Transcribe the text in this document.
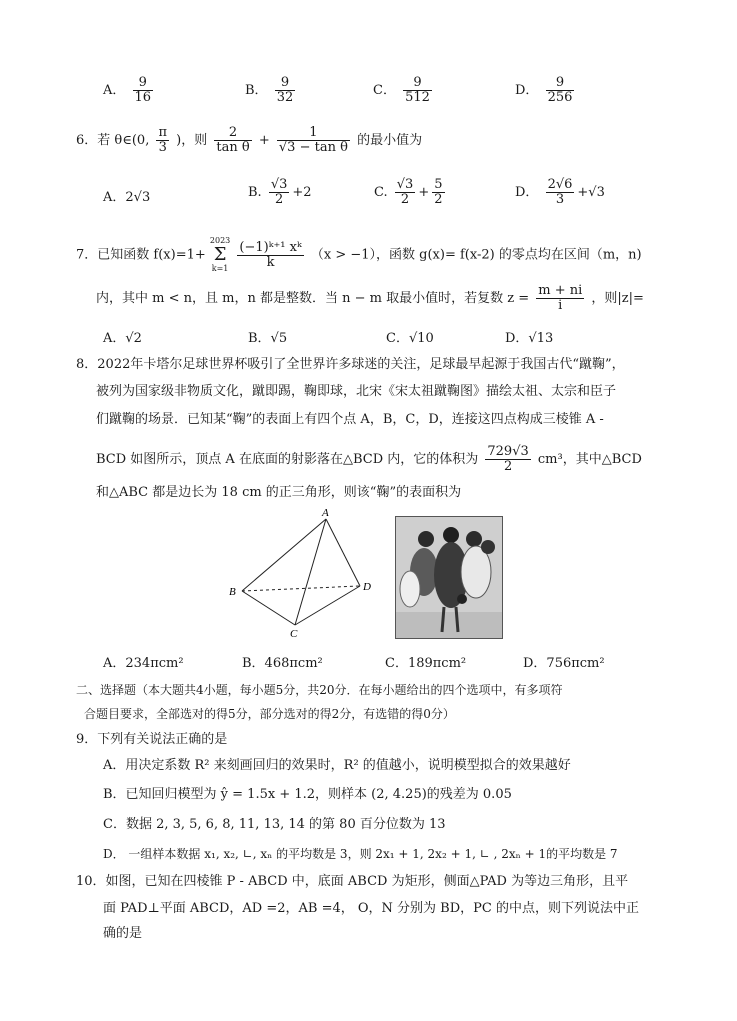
A． $\frac{9}{16}$	B． $\frac{9}{32}$	C． $\frac{9}{512}$	D． $\frac{9}{256}$
6．若 θ∈(0, $\frac{\pi}{3}$ )，则 $\frac{2}{\text{tan θ}} + \frac{1}{\text{√3 − tan θ}}$ 的最小值为
A．2√3	B. $\frac{√3}{2} +2$	C. $\frac{√3}{2} + \frac{5}{2}$	D． $\frac{2√6}{3} +√3$
7．已知函数 f(x)=1+
2023
Σ
k=1
$\frac{\text{(−1)ᵏ⁺¹ xᵏ}}{k} (x > -1)$，函数 g(x)= f(x-2) 的零点均在区间（m，n)
内，其中 m < n，且 m，n 都是整数．当 n − m 取最小值时，若复数 $z = \frac{m + ni}{i}$ ，则|z|=
A．√2	B．√5	C．√10	D．√13
8．2022年卡塔尔足球世界杯吸引了全世界许多球迷的关注，足球最早起源于我国古代“蹴鞠”，
被列为国家级非物质文化，蹴即踢，鞠即球，北宋《宋太祖蹴鞠图》描绘太祖、太宗和臣子
们蹴鞠的场景．已知某“鞠”的表面上有四个点 A，B，C，D，连接这四点构成三棱锥 A -
BCD 如图所示，顶点 A 在底面的射影落在△BCD 内，它的体积为 $\frac{729√3}{2} cm^3$，其中△BCD
和△ABC 都是边长为 18 cm 的正三角形，则该“鞠”的表面积为
A
B
C
D
A．234πcm²	B．468πcm²	C．189πcm²	D．756πcm²
二、选择题（本大题共4小题，每小题5分，共20分．在每小题给出的四个选项中，有多项符
合题目要求，全部选对的得5分，部分选对的得2分，有选错的得0分）
9．下列有关说法正确的是
A．用决定系数 R² 来刻画回归的效果时，R² 的值越小，说明模型拟合的效果越好
B．已知回归模型为 ŷ = 1.5x + 1.2，则样本 (2, 4.25)的残差为 0.05
C．数据 2, 3, 5, 6, 8, 11, 13, 14 的第 80 百分位数为 13
D． 一组样本数据 x₁, x₂, ∟, xₙ 的平均数是 3，则 2x₁ + 1, 2x₂ + 1, ∟ , 2xₙ + 1的平均数是 7
10．如图，已知在四棱锥 P - ABCD 中，底面 ABCD 为矩形，侧面△PAD 为等边三角形，且平
面 PAD⊥平面 ABCD，AD =2，AB =4， O，N 分别为 BD，PC 的中点，则下列说法中正
确的是
